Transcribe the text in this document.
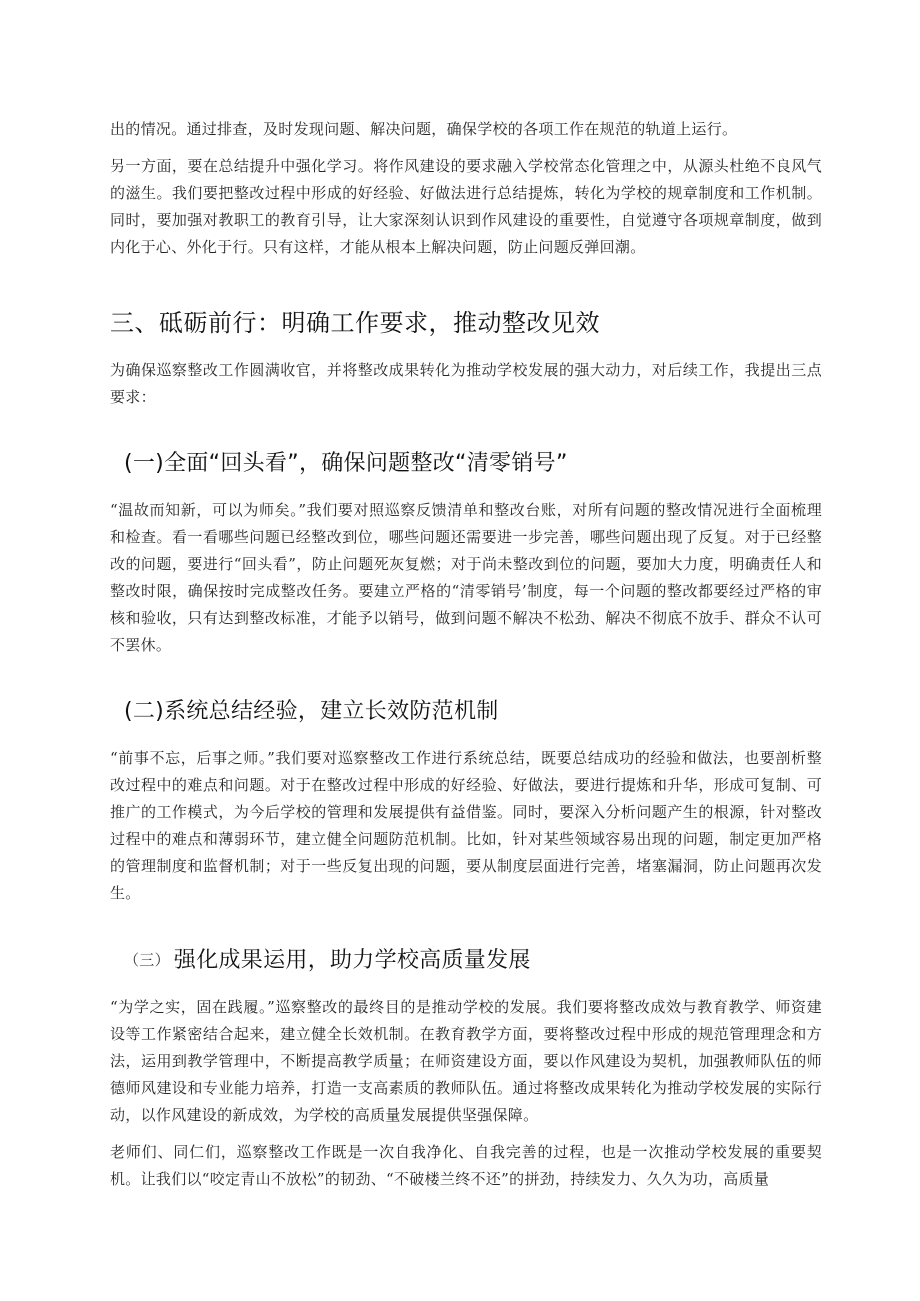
出的情况。通过排查，及时发现问题、解决问题，确保学校的各项工作在规范的轨道上运行。

另一方面，要在总结提升中强化学习。将作风建设的要求融入学校常态化管理之中，从源头杜绝不良风气的滋生。我们要把整改过程中形成的好经验、好做法进行总结提炼，转化为学校的规章制度和工作机制。同时，要加强对教职工的教育引导，让大家深刻认识到作风建设的重要性，自觉遵守各项规章制度，做到内化于心、外化于行。只有这样，才能从根本上解决问题，防止问题反弹回潮。

三、砥砺前行：明确工作要求，推动整改见效

为确保巡察整改工作圆满收官，并将整改成果转化为推动学校发展的强大动力，对后续工作，我提出三点要求：

(一)全面“回头看”，确保问题整改“清零销号”

“温故而知新，可以为师矣。”我们要对照巡察反馈清单和整改台账，对所有问题的整改情况进行全面梳理和检查。看一看哪些问题已经整改到位，哪些问题还需要进一步完善，哪些问题出现了反复。对于已经整改的问题，要进行“回头看”，防止问题死灰复燃；对于尚未整改到位的问题，要加大力度，明确责任人和整改时限，确保按时完成整改任务。要建立严格的“清零销号’制度，每一个问题的整改都要经过严格的审核和验收，只有达到整改标准，才能予以销号，做到问题不解决不松劲、解决不彻底不放手、群众不认可不罢休。

(二)系统总结经验，建立长效防范机制

“前事不忘，后事之师。”我们要对巡察整改工作进行系统总结，既要总结成功的经验和做法，也要剖析整改过程中的难点和问题。对于在整改过程中形成的好经验、好做法，要进行提炼和升华，形成可复制、可推广的工作模式，为今后学校的管理和发展提供有益借鉴。同时，要深入分析问题产生的根源，针对整改过程中的难点和薄弱环节，建立健全问题防范机制。比如，针对某些领域容易出现的问题，制定更加严格的管理制度和监督机制；对于一些反复出现的问题，要从制度层面进行完善，堵塞漏洞，防止问题再次发生。

（三） 强化成果运用，助力学校高质量发展

“为学之实，固在践履。”巡察整改的最终目的是推动学校的发展。我们要将整改成效与教育教学、师资建设等工作紧密结合起来，建立健全长效机制。在教育教学方面，要将整改过程中形成的规范管理理念和方法，运用到教学管理中，不断提高教学质量；在师资建设方面，要以作风建设为契机，加强教师队伍的师德师风建设和专业能力培养，打造一支高素质的教师队伍。通过将整改成果转化为推动学校发展的实际行动，以作风建设的新成效，为学校的高质量发展提供坚强保障。

老师们、同仁们，巡察整改工作既是一次自我净化、自我完善的过程，也是一次推动学校发展的重要契机。让我们以“咬定青山不放松”的韧劲、“不破楼兰终不还”的拼劲，持续发力、久久为功，高质量
